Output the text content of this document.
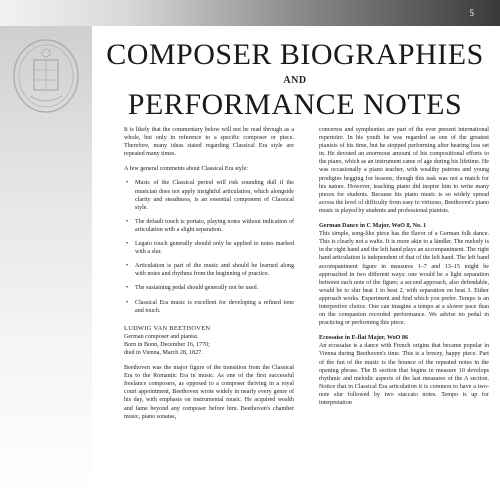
5
COMPOSER BIOGRAPHIES
AND
PERFORMANCE NOTES

It is likely that the commentary below will not be read through as a whole, but only in reference to a specific composer or piece. Therefore, many ideas stated regarding Classical Era style are repeated many times.

A few general comments about Classical Era style:

• Music of the Classical period will risk sounding dull if the musician does not apply insightful articulation, which alongside clarity and steadiness, is an essential component of Classical style.
• The default touch is portato, playing notes without indication of articulation with a slight separation.
• Legato touch generally should only be applied to notes marked with a slur.
• Articulation is part of the music and should be learned along with notes and rhythms from the beginning of practice.
• The sustaining pedal should generally not be used.
• Classical Era music is excellent for developing a refined tone and touch.

LUDWIG VAN BEETHOVEN

German composer and pianist.
Born in Bonn, December 16, 1770;
died in Vienna, March 28, 1827.

Beethoven was the major figure of the transition from the Classical Era to the Romantic Era in music. As one of the first successful freelance composers, as opposed to a composer thriving in a royal court appointment, Beethoven wrote widely in nearly every genre of his day, with emphasis on instrumental music. He acquired wealth and fame beyond any composer before him. Beethoven's chamber music, piano sonatas,

concertos and symphonies are part of the ever present international repertoire. In his youth he was regarded as one of the greatest pianists of his time, but he stopped performing after hearing loss set in. He devoted an enormous amount of his compositional efforts to the piano, which as an instrument came of age during his lifetime. He was occasionally a piano teacher, with wealthy patrons and young prodigies begging for lessons, though this task was not a match for his nature. However, teaching piano did inspire him to write many pieces for students. Because his piano music is so widely spread across the level of difficulty from easy to virtuoso, Beethoven's piano music is played by students and professional pianists.

German Dance in C Major, WoO 8, No. 1

This simple, song-like piece has the flavor of a German folk dance. This is clearly not a waltz. It is more akin to a ländler. The melody is in the right hand and the left hand plays an accompaniment. The right hand articulation is independent of that of the left hand. The left hand accompaniment figure in measures 1–7 and 13–15 might be approached in two different ways: one would be a light separation between each note of the figure; a second approach, also defendable, would be to slur beat 1 to beat 2, with separation on beat 3. Either approach works. Experiment and find which you prefer. Tempo is an interpretive choice. One can imagine a tempo at a slower pace than on the companion recorded performance. We advise no pedal in practicing or performing this piece.

Ecossaise in E-flat Major, WoO 86

An ecossaise is a dance with French origins that became popular in Vienna during Beethoven's time. This is a breezy, happy piece. Part of the fun of the music is the bounce of the repeated notes in the opening phrase. The B section that begins in measure 10 develops rhythmic and melodic aspects of the last measures of the A section. Notice that in Classical Era articulation it is common to have a two-note slur followed by two staccato notes. Tempo is up for interpretation
